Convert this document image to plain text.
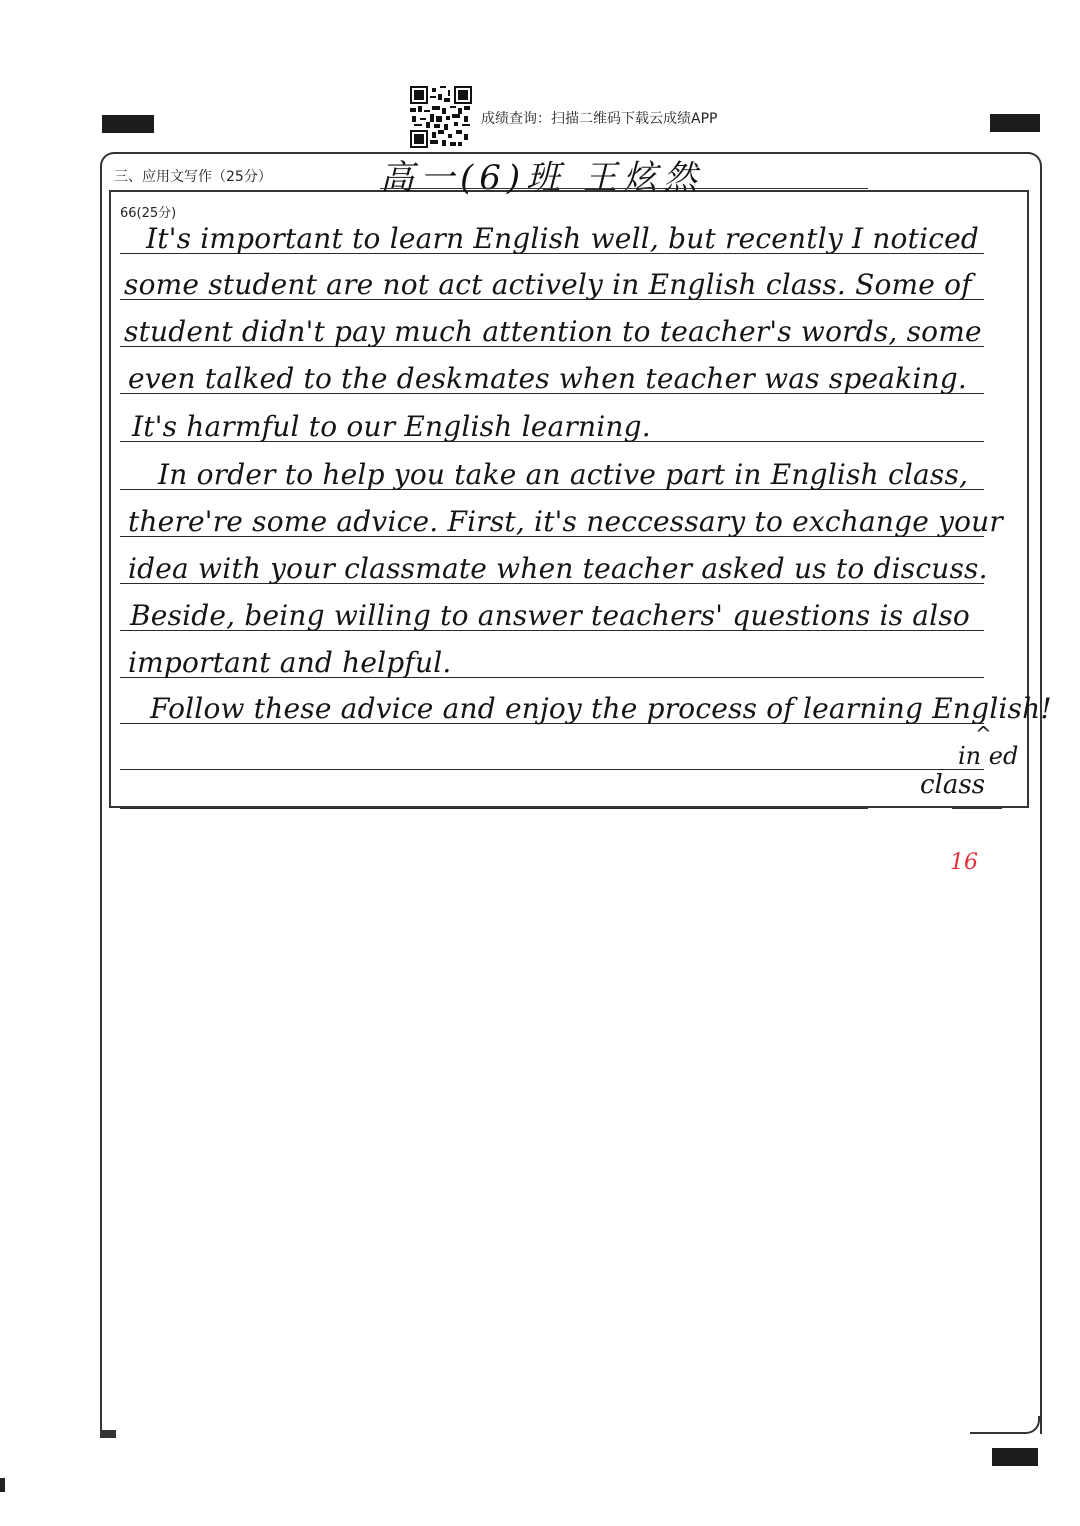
成绩查询：扫描二维码下载云成绩APP
三、应用文写作（25分）	高一(6)班 王炫然
66(25分)
It's important to learn English well, but recently I noticed
some student are not act actively in English class. Some of
student didn't pay much attention to teacher's words, some
even talked to the deskmates when teacher was speaking.
It's harmful to our English learning.
In order to help you take an active part in English class,
there're some advice. First, it's neccessary to exchange your
idea with your classmate when teacher asked us to discuss.
Beside, being willing to answer teachers' questions is also
important and helpful.
Follow these advice and enjoy the process of learning English!
^
in ed
class
16
